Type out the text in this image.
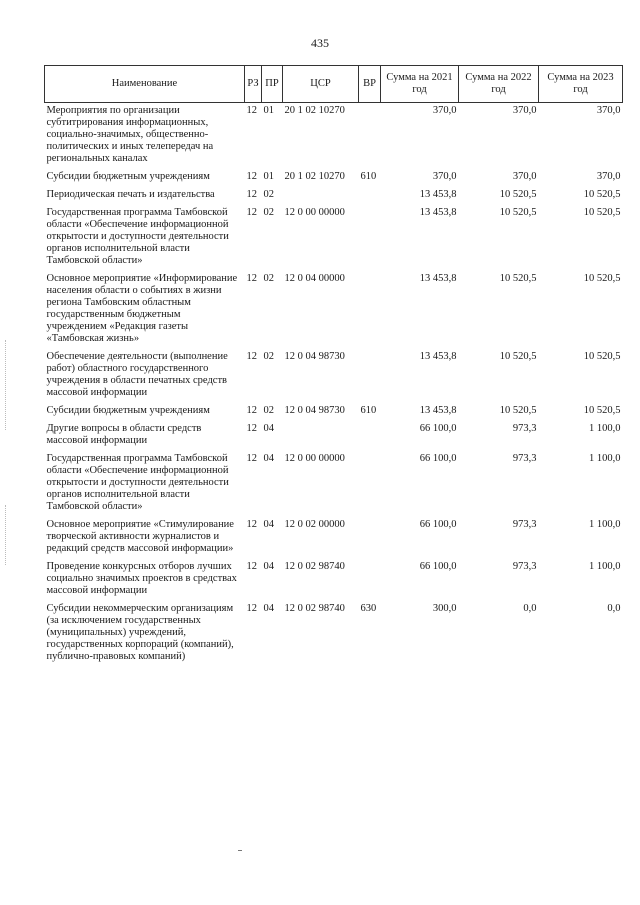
435
Наименование	РЗ	ПР	ЦСР	ВР	Сумма на 2021 год	Сумма на 2022 год	Сумма на 2023 год
Мероприятия по организации субтитрирования информационных, социально-значимых, общественно-политических и иных телепередач на региональных каналах	12	01	20 1 02 10270		370,0	370,0	370,0
Субсидии бюджетным учреждениям	12	01	20 1 02 10270	610	370,0	370,0	370,0
Периодическая печать и издательства	12	02			13 453,8	10 520,5	10 520,5
Государственная программа Тамбовской области «Обеспечение информационной открытости и доступности деятельности органов исполнительной власти Тамбовской области»	12	02	12 0 00 00000		13 453,8	10 520,5	10 520,5
Основное мероприятие «Информирование населения области о событиях в жизни региона Тамбовским областным государственным бюджетным учреждением «Редакция газеты «Тамбовская жизнь»	12	02	12 0 04 00000		13 453,8	10 520,5	10 520,5
Обеспечение деятельности (выполнение работ) областного государственного учреждения в области печатных средств массовой информации	12	02	12 0 04 98730		13 453,8	10 520,5	10 520,5
Субсидии бюджетным учреждениям	12	02	12 0 04 98730	610	13 453,8	10 520,5	10 520,5
Другие вопросы в области средств массовой информации	12	04			66 100,0	973,3	1 100,0
Государственная программа Тамбовской области «Обеспечение информационной открытости и доступности деятельности органов исполнительной власти Тамбовской области»	12	04	12 0 00 00000		66 100,0	973,3	1 100,0
Основное мероприятие «Стимулирование творческой активности журналистов и редакций средств массовой информации»	12	04	12 0 02 00000		66 100,0	973,3	1 100,0
Проведение конкурсных отборов лучших социально значимых проектов в средствах массовой информации	12	04	12 0 02 98740		66 100,0	973,3	1 100,0
Субсидии некоммерческим организациям (за исключением государственных (муниципальных) учреждений, государственных корпораций (компаний), публично-правовых компаний)	12	04	12 0 02 98740	630	300,0	0,0	0,0
